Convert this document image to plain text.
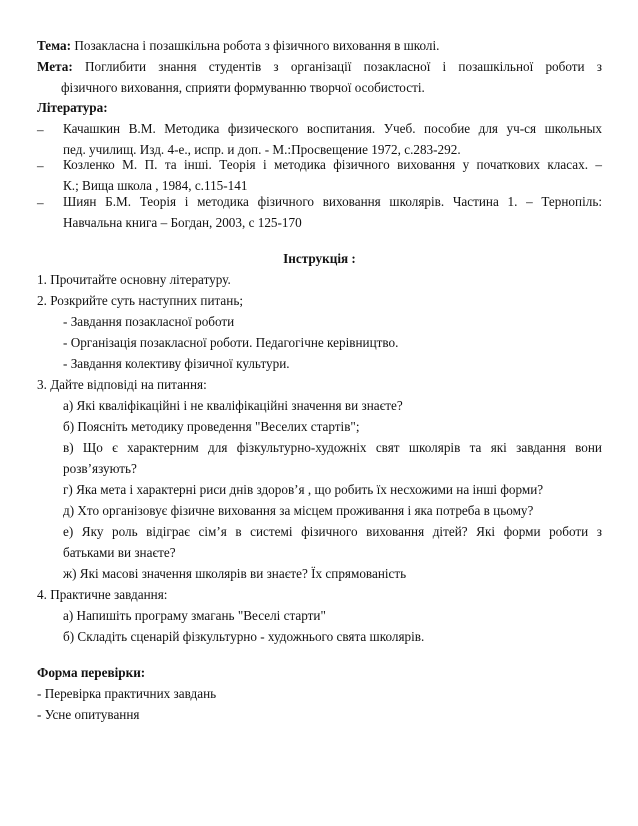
Тема: Позакласна і позашкільна робота з фізичного виховання в школі.
Мета: Поглибити знання студентів з організації позакласної і позашкільної роботи з
фізичного виховання, сприяти формуванню творчої особистості.
Література:
– Качашкин В.М. Методика физического воспитания. Учеб. пособие для уч-ся школьных
пед. училищ. Изд. 4-е., испр. и доп. - М.:Просвещение 1972, с.283-292.
– Козленко М. П. та інші. Теорія і методика фізичного виховання у початкових класах. –
К.; Вища школа , 1984, с.115-141
– Шиян Б.М. Теорія і методика фізичного виховання школярів. Частина 1. – Тернопіль:
Навчальна книга – Богдан, 2003, с 125-170
Інструкція :
1. Прочитайте основну літературу.
2. Розкрийте суть наступних питань;
- Завдання позакласної роботи
- Організація позакласної роботи. Педагогічне керівництво.
- Завдання колективу фізичної культури.
3. Дайте відповіді на питання:
а) Які кваліфікаційні і не кваліфікаційні значення ви знаєте?
б) Поясніть методику проведення "Веселих стартів";
в) Що є характерним для фізкультурно-художніх свят школярів та які завдання вони
розв’язують?
г) Яка мета і характерні риси днів здоров’я , що робить їх несхожими на інші форми?
д) Хто організовує фізичне виховання за місцем проживання і яка потреба в цьому?
е) Яку роль відіграє сім’я в системі фізичного виховання дітей? Які форми роботи з
батьками ви знаєте?
ж) Які масові значення школярів ви знаєте? Їх спрямованість
4. Практичне завдання:
а) Напишіть програму змагань "Веселі старти"
б) Складіть сценарій фізкультурно - художнього свята школярів.
Форма перевірки:
- Перевірка практичних завдань
- Усне опитування
